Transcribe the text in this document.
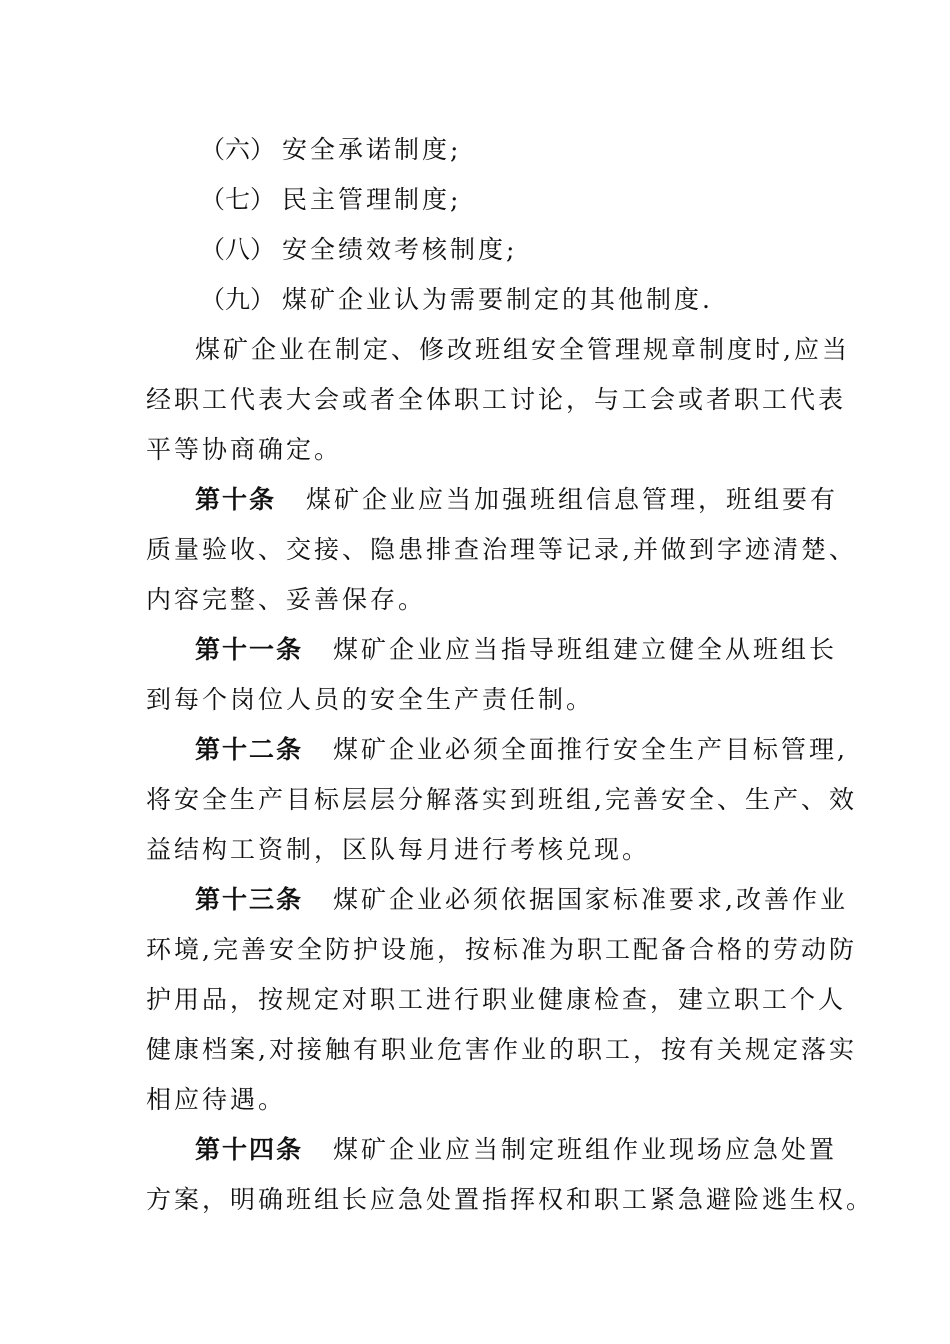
（六） 安全承诺制度;
（七） 民主管理制度;
（八） 安全绩效考核制度;
（九） 煤矿企业认为需要制定的其他制度.
煤矿企业在制定、修改班组安全管理规章制度时,应当
经职工代表大会或者全体职工讨论，与工会或者职工代表
平等协商确定。
第十条 煤矿企业应当加强班组信息管理，班组要有
质量验收、交接、隐患排查治理等记录,并做到字迹清楚、
内容完整、妥善保存。
第十一条 煤矿企业应当指导班组建立健全从班组长
到每个岗位人员的安全生产责任制。
第十二条 煤矿企业必须全面推行安全生产目标管理,
将安全生产目标层层分解落实到班组,完善安全、生产、效
益结构工资制，区队每月进行考核兑现。
第十三条 煤矿企业必须依据国家标准要求,改善作业
环境,完善安全防护设施，按标准为职工配备合格的劳动防
护用品，按规定对职工进行职业健康检查，建立职工个人
健康档案,对接触有职业危害作业的职工，按有关规定落实
相应待遇。
第十四条 煤矿企业应当制定班组作业现场应急处置
方案，明确班组长应急处置指挥权和职工紧急避险逃生权。
